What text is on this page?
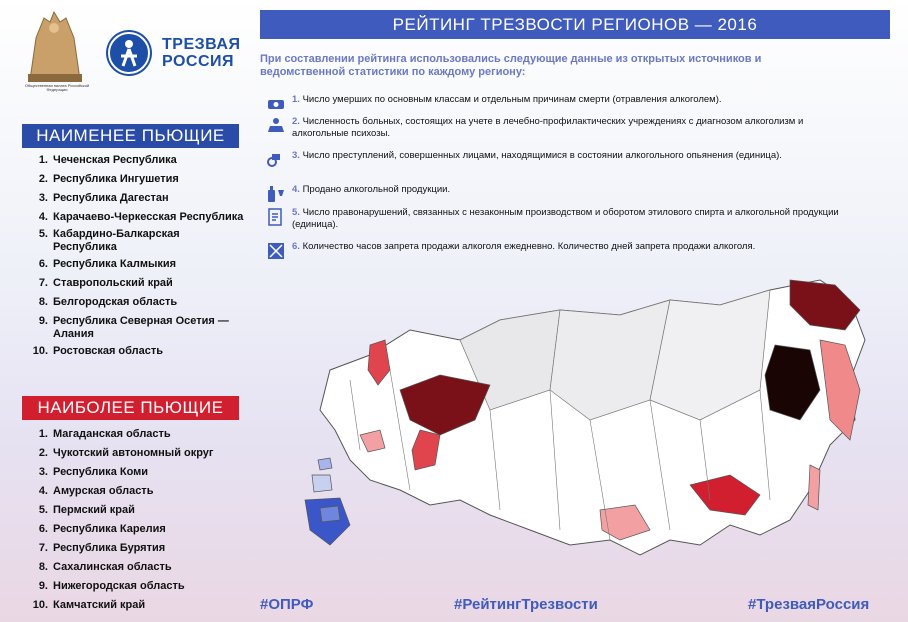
Общественная палата Российской Федерации
ТРЕЗВАЯ
РОССИЯ
НАИМЕНЕЕ ПЬЮЩИЕ
1. Чеченская Республика
2. Республика Ингушетия
3. Республика Дагестан
4. Карачаево-Черкесская Республика
5. Кабардино-Балкарская Республика
6. Республика Калмыкия
7. Ставропольский край
8. Белгородская область
9. Республика Северная Осетия — Алания
10. Ростовская область
НАИБОЛЕЕ ПЬЮЩИЕ
1. Магаданская область
2. Чукотский автономный округ
3. Республика Коми
4. Амурская область
5. Пермский край
6. Республика Карелия
7. Республика Бурятия
8. Сахалинская область
9. Нижегородская область
10. Камчатский край
РЕЙТИНГ ТРЕЗВОСТИ РЕГИОНОВ — 2016
При составлении рейтинга использовались следующие данные из открытых источников и ведомственной статистики по каждому региону:
1. Число умерших по основным классам и отдельным причинам смерти (отравления алкоголем).
2. Численность больных, состоящих на учете в лечебно-профилактических учреждениях с диагнозом алкоголизм и алкогольные психозы.
3. Число преступлений, совершенных лицами, находящимися в состоянии алкогольного опьянения (единица).
4. Продано алкогольной продукции.
5. Число правонарушений, связанных с незаконным производством и оборотом этилового спирта и алкогольной продукции (единица).
6. Количество часов запрета продажи алкоголя ежедневно. Количество дней запрета продажи алкоголя.
#ОПРФ	#РейтингТрезвости	#ТрезваяРоссия
